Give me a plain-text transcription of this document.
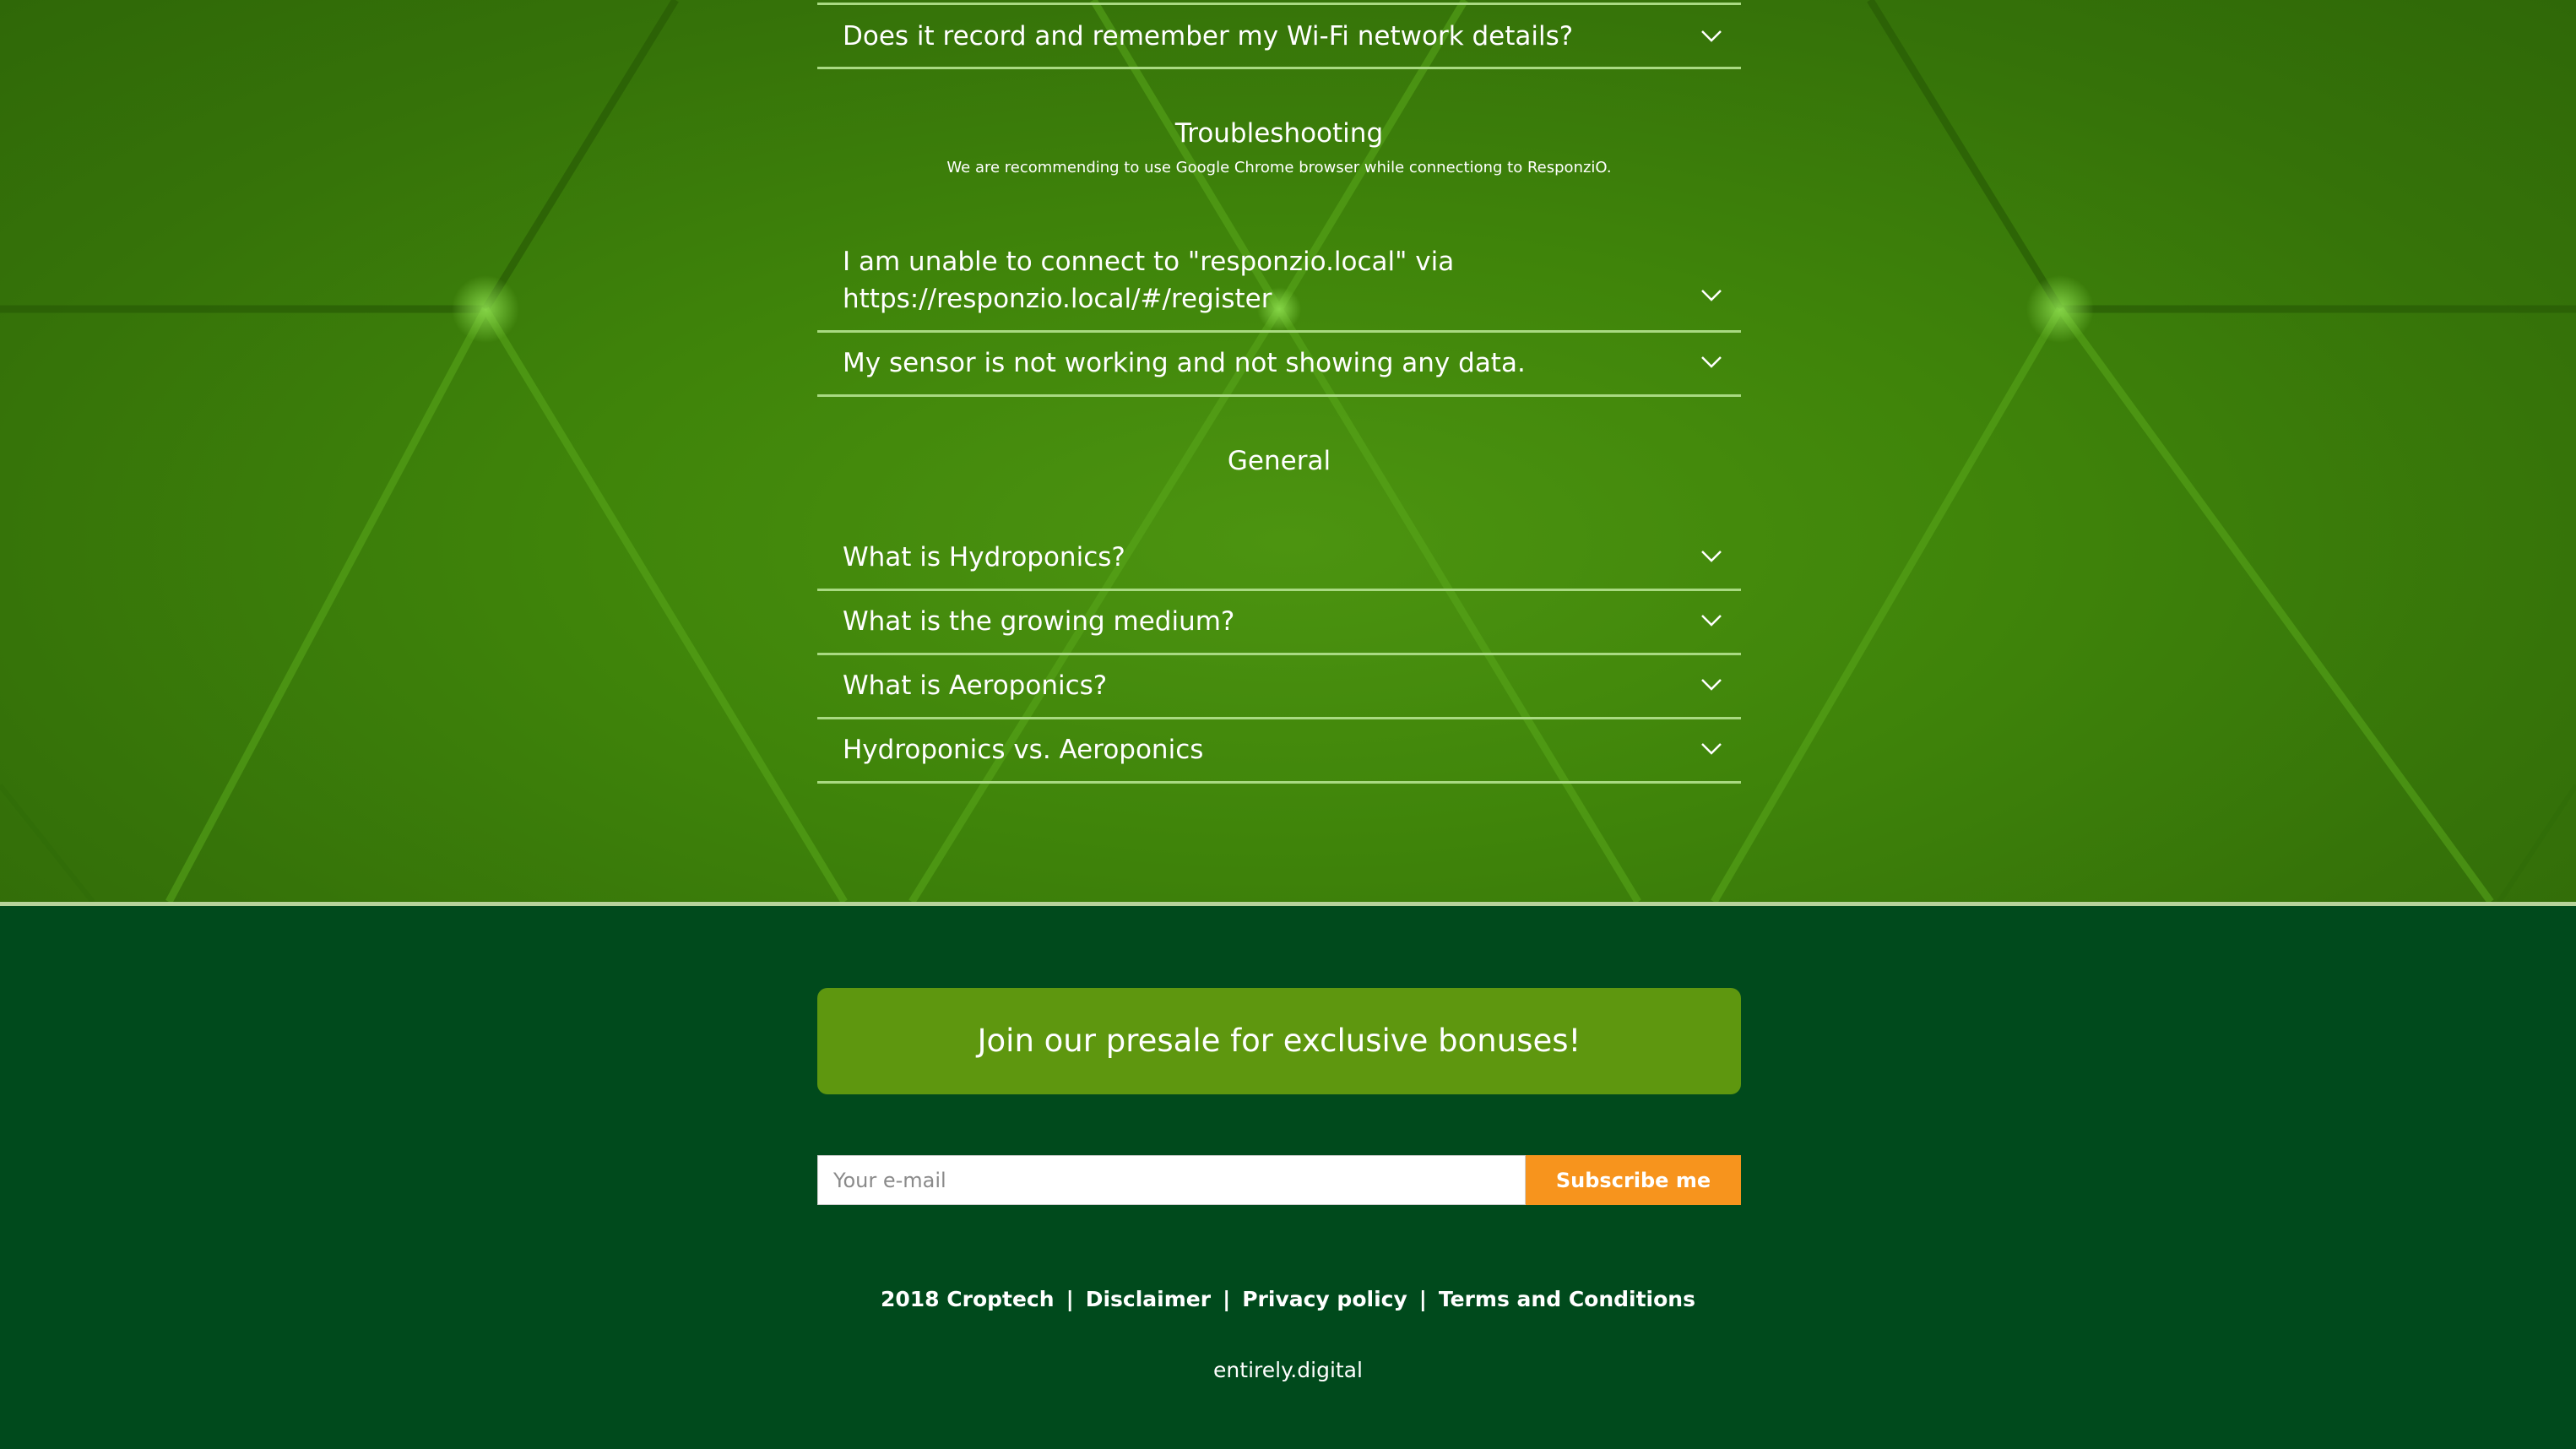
Does it record and remember my Wi-Fi network details?
Troubleshooting
We are recommending to use Google Chrome browser while connectiong to ResponziO.
I am unable to connect to "responzio.local" via
https://responzio.local/#/register
My sensor is not working and not showing any data.
General
What is Hydroponics?
What is the growing medium?
What is Aeroponics?
Hydroponics vs. Aeroponics
Join our presale for exclusive bonuses!
Your e-mail
Subscribe me
2018 Croptech | Disclaimer | Privacy policy | Terms and Conditions
entirely.digital
